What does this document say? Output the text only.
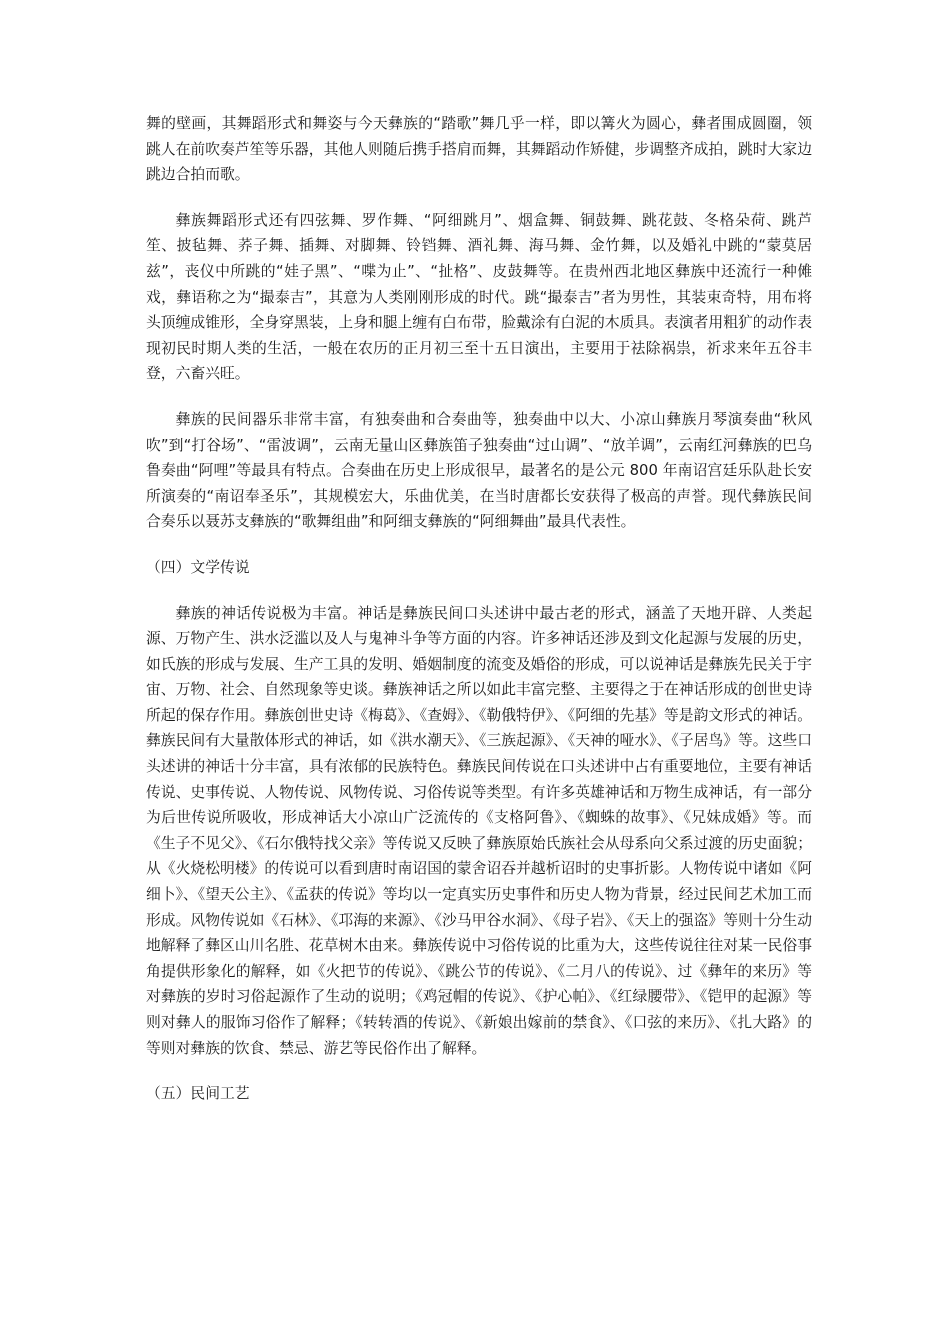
舞的壁画，其舞蹈形式和舞姿与今天彝族的“踏歌”舞几乎一样，即以篝火为圆心，彝者围成圆圈，领跳人在前吹奏芦笙等乐器，其他人则随后携手搭肩而舞，其舞蹈动作矫健，步调整齐成拍，跳时大家边跳边合拍而歌。

彝族舞蹈形式还有四弦舞、罗作舞、“阿细跳月”、烟盒舞、铜鼓舞、跳花鼓、冬格朵荷、跳芦笙、披毡舞、荞子舞、插舞、对脚舞、铃铛舞、酒礼舞、海马舞、金竹舞，以及婚礼中跳的“蒙莫居兹”，丧仪中所跳的“娃子黑”、“喋为止”、“扯格”、皮鼓舞等。在贵州西北地区彝族中还流行一种傩戏，彝语称之为“撮泰吉”，其意为人类刚刚形成的时代。跳“撮泰吉”者为男性，其装束奇特，用布将头顶缠成锥形，全身穿黑装，上身和腿上缠有白布带，脸戴涂有白泥的木质具。表演者用粗犷的动作表现初民时期人类的生活，一般在农历的正月初三至十五日演出，主要用于祛除祸祟，祈求来年五谷丰登，六畜兴旺。

彝族的民间器乐非常丰富，有独奏曲和合奏曲等，独奏曲中以大、小凉山彝族月琴演奏曲“秋风吹”到“打谷场”、“雷波调”，云南无量山区彝族笛子独奏曲“过山调”、“放羊调”，云南红河彝族的巴乌鲁奏曲“阿哩”等最具有特点。合奏曲在历史上形成很早，最著名的是公元 800 年南诏宫廷乐队赴长安所演奏的“南诏奉圣乐”，其规模宏大，乐曲优美，在当时唐都长安获得了极高的声誉。现代彝族民间合奏乐以聂苏支彝族的“歌舞组曲”和阿细支彝族的“阿细舞曲”最具代表性。

（四）文学传说

彝族的神话传说极为丰富。神话是彝族民间口头述讲中最古老的形式，涵盖了天地开辟、人类起源、万物产生、洪水泛滥以及人与鬼神斗争等方面的内容。许多神话还涉及到文化起源与发展的历史，如氏族的形成与发展、生产工具的发明、婚姻制度的流变及婚俗的形成，可以说神话是彝族先民关于宇宙、万物、社会、自然现象等史谈。彝族神话之所以如此丰富完整、主要得之于在神话形成的创世史诗所起的保存作用。彝族创世史诗《梅葛》、《查姆》、《勒俄特伊》、《阿细的先基》等是韵文形式的神话。彝族民间有大量散体形式的神话，如《洪水潮天》、《三族起源》、《天神的哑水》、《子居鸟》等。这些口头述讲的神话十分丰富，具有浓郁的民族特色。彝族民间传说在口头述讲中占有重要地位，主要有神话传说、史事传说、人物传说、风物传说、习俗传说等类型。有许多英雄神话和万物生成神话，有一部分为后世传说所吸收，形成神话大小凉山广泛流传的《支格阿鲁》、《蜘蛛的故事》、《兄妹成婚》等。而《生子不见父》、《石尔俄特找父亲》等传说又反映了彝族原始氏族社会从母系向父系过渡的历史面貌；从《火烧松明楼》的传说可以看到唐时南诏国的蒙舍诏吞并越析诏时的史事折影。人物传说中诸如《阿细卜》、《望天公主》、《孟获的传说》等均以一定真实历史事件和历史人物为背景，经过民间艺术加工而形成。风物传说如《石林》、《邛海的来源》、《沙马甲谷水洞》、《母子岩》、《天上的强盗》等则十分生动地解释了彝区山川名胜、花草树木由来。彝族传说中习俗传说的比重为大，这些传说往往对某一民俗事角提供形象化的解释，如《火把节的传说》、《跳公节的传说》、《二月八的传说》、过《彝年的来历》等对彝族的岁时习俗起源作了生动的说明；《鸡冠帽的传说》、《护心帕》、《红绿腰带》、《铠甲的起源》等则对彝人的服饰习俗作了解释；《转转酒的传说》、《新娘出嫁前的禁食》、《口弦的来历》、《扎大路》的等则对彝族的饮食、禁忌、游艺等民俗作出了解释。

（五）民间工艺
